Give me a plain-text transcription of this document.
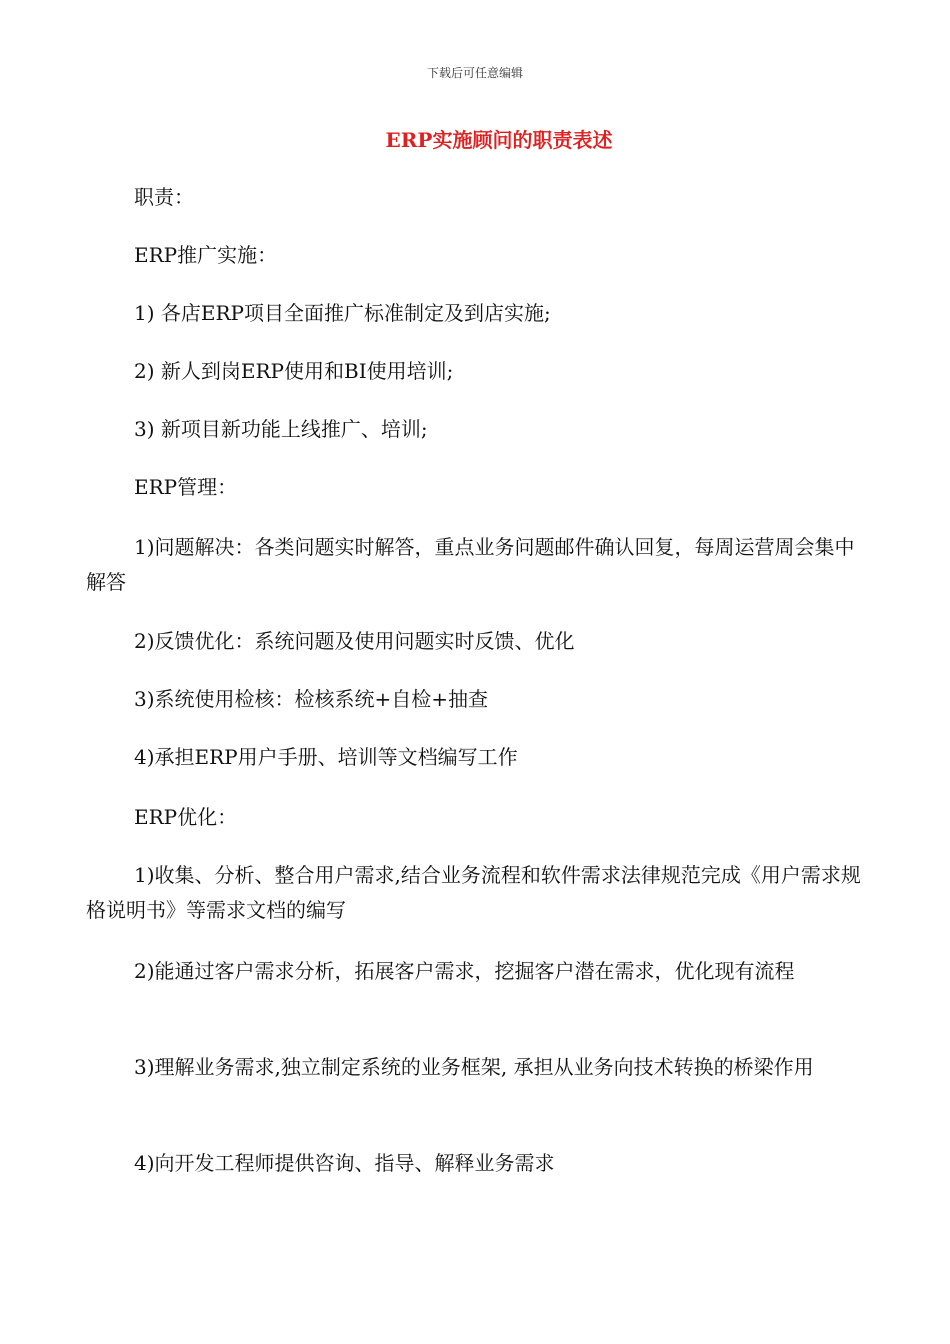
下载后可任意编辑
ERP实施顾问的职责表述

职责：

ERP推广实施：

1) 各店ERP项目全面推广标准制定及到店实施;

2) 新人到岗ERP使用和BI使用培训;

3) 新项目新功能上线推广、培训;

ERP管理：

1)问题解决：各类问题实时解答，重点业务问题邮件确认回复，每周运营周会集中解答

2)反馈优化：系统问题及使用问题实时反馈、优化

3)系统使用检核：检核系统+自检+抽查

4)承担ERP用户手册、培训等文档编写工作

ERP优化：

1)收集、分析、整合用户需求,结合业务流程和软件需求法律规范完成《用户需求规格说明书》等需求文档的编写

2)能通过客户需求分析，拓展客户需求，挖掘客户潜在需求，优化现有流程

3)理解业务需求,独立制定系统的业务框架, 承担从业务向技术转换的桥梁作用

4)向开发工程师提供咨询、指导、解释业务需求
